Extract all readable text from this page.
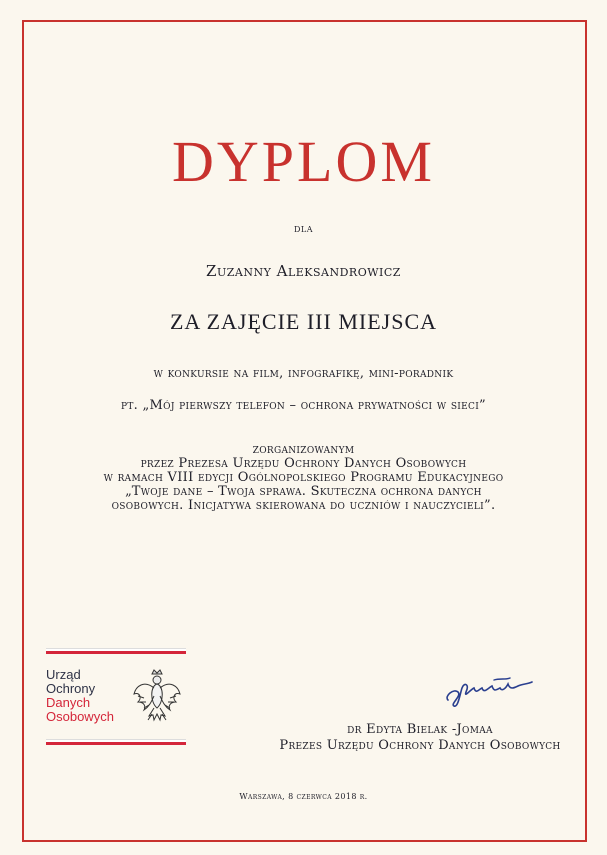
DYPLOM
dla
Zuzanny Aleksandrowicz
ZA ZAJĘCIE III MIEJSCA
w konkursie na film, infografikę, mini-poradnik
pt. „Mój pierwszy telefon – ochrona prywatności w sieci”
zorganizowanym
przez Prezesa Urzędu Ochrony Danych Osobowych
w ramach VIII edycji Ogólnopolskiego Programu Edukacyjnego
„Twoje dane – Twoja sprawa. Skuteczna ochrona danych
osobowych. Inicjatywa skierowana do uczniów i nauczycieli”.
Urząd
Ochrony
Danych
Osobowych
dr Edyta Bielak -Jomaa
Prezes Urzędu Ochrony Danych Osobowych
Warszawa, 8 czerwca 2018 r.
